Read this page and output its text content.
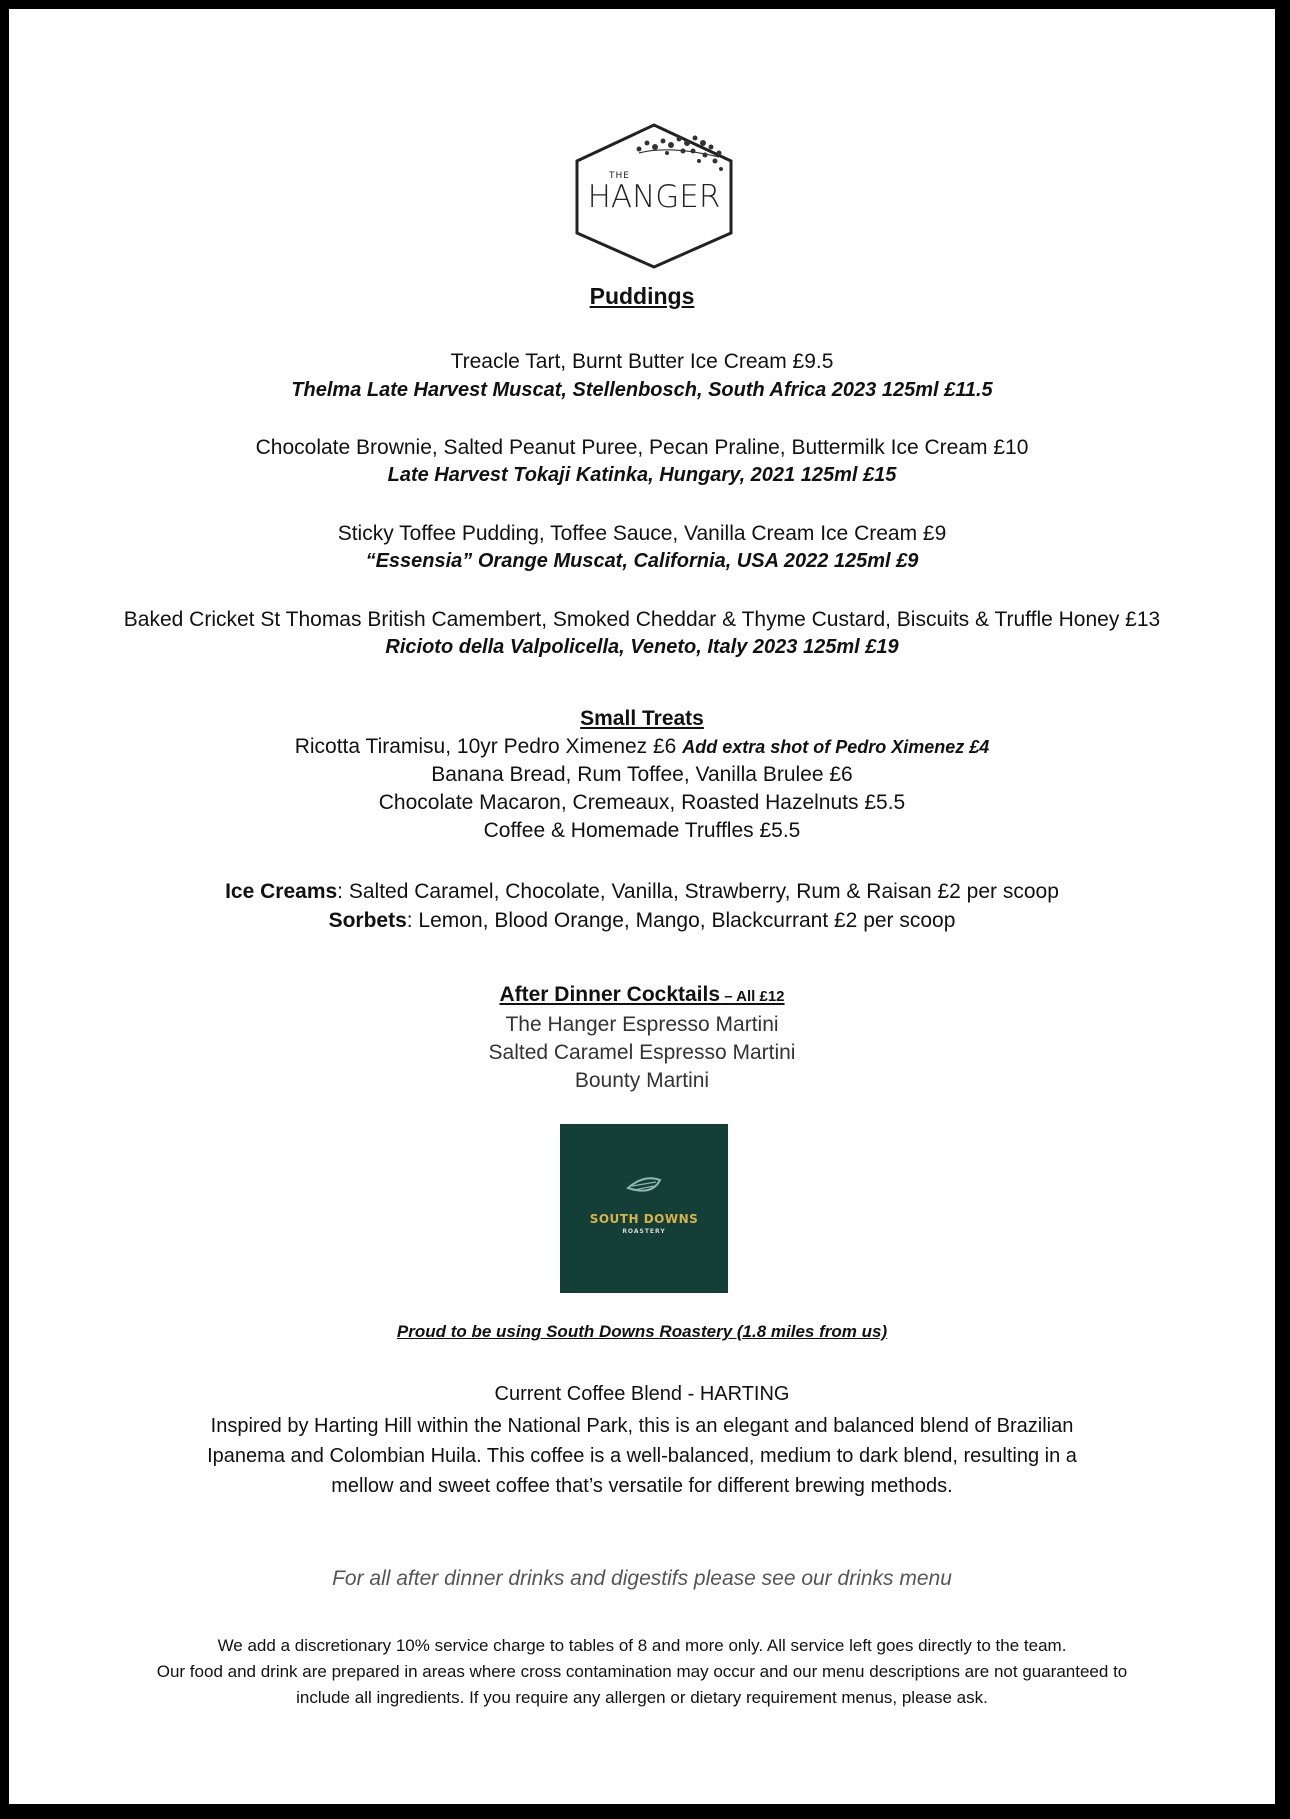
THE
HANGER
Puddings
Treacle Tart, Burnt Butter Ice Cream £9.5
Thelma Late Harvest Muscat, Stellenbosch, South Africa 2023 125ml £11.5
Chocolate Brownie, Salted Peanut Puree, Pecan Praline, Buttermilk Ice Cream £10
Late Harvest Tokaji Katinka, Hungary, 2021 125ml £15
Sticky Toffee Pudding, Toffee Sauce, Vanilla Cream Ice Cream £9
“Essensia” Orange Muscat, California, USA 2022 125ml £9
Baked Cricket St Thomas British Camembert, Smoked Cheddar & Thyme Custard, Biscuits & Truffle Honey £13
Ricioto della Valpolicella, Veneto, Italy 2023 125ml £19
Small Treats
Ricotta Tiramisu, 10yr Pedro Ximenez £6 Add extra shot of Pedro Ximenez £4
Banana Bread, Rum Toffee, Vanilla Brulee £6
Chocolate Macaron, Cremeaux, Roasted Hazelnuts £5.5
Coffee & Homemade Truffles £5.5
Ice Creams: Salted Caramel, Chocolate, Vanilla, Strawberry, Rum & Raisan £2 per scoop
Sorbets: Lemon, Blood Orange, Mango, Blackcurrant £2 per scoop
After Dinner Cocktails – All £12
The Hanger Espresso Martini
Salted Caramel Espresso Martini
Bounty Martini
SOUTH DOWNS
ROASTERY
Proud to be using South Downs Roastery (1.8 miles from us)
Current Coffee Blend - HARTING
Inspired by Harting Hill within the National Park, this is an elegant and balanced blend of Brazilian
Ipanema and Colombian Huila. This coffee is a well-balanced, medium to dark blend, resulting in a
mellow and sweet coffee that’s versatile for different brewing methods.
For all after dinner drinks and digestifs please see our drinks menu
We add a discretionary 10% service charge to tables of 8 and more only. All service left goes directly to the team.
Our food and drink are prepared in areas where cross contamination may occur and our menu descriptions are not guaranteed to
include all ingredients. If you require any allergen or dietary requirement menus, please ask.
